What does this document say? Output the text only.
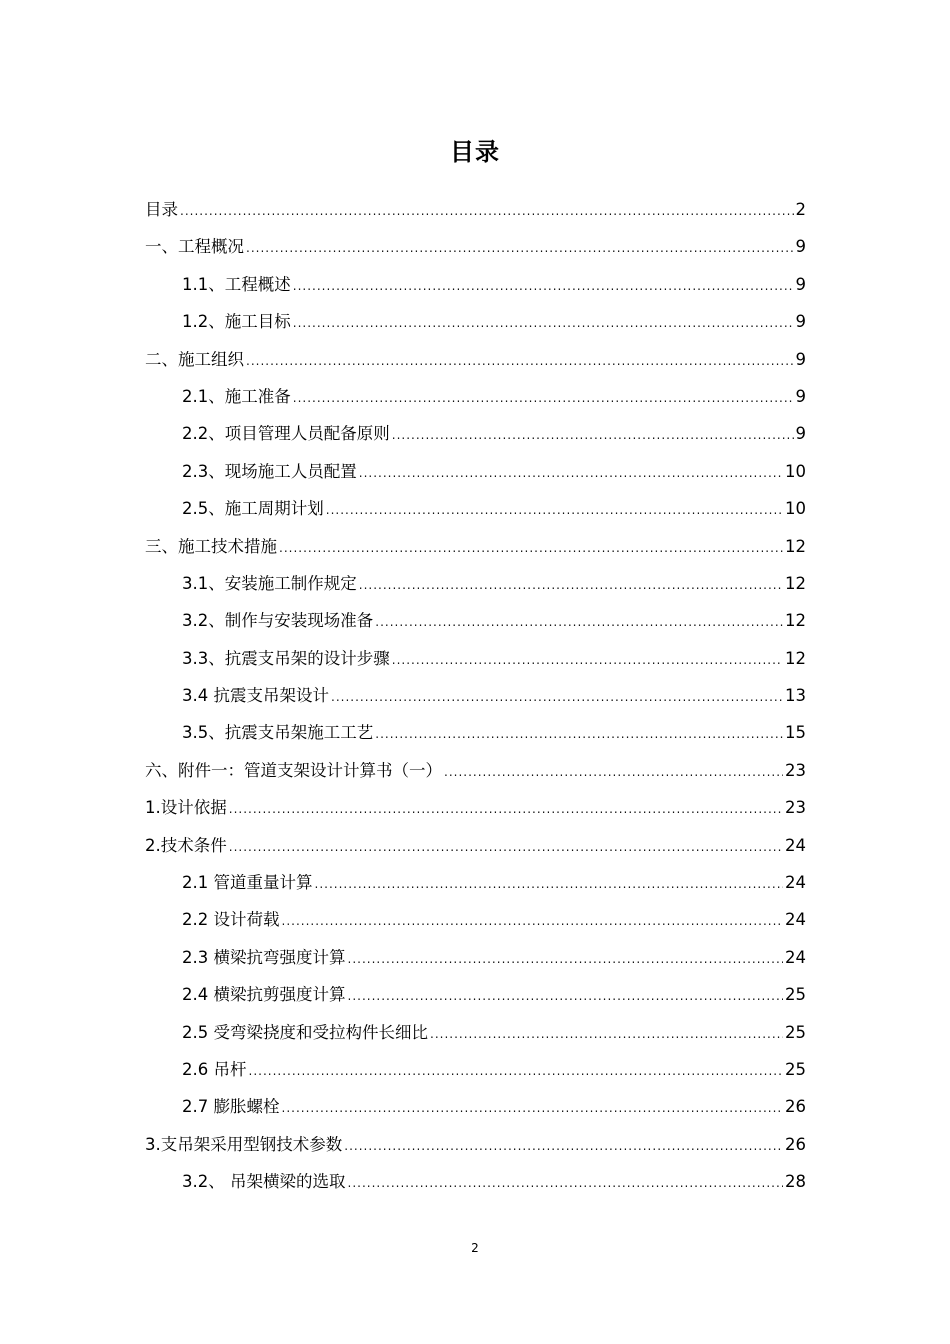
目录
目录 .....	2
一、工程概况 .....	9
1.1、工程概述 .....	9
1.2、施工目标 .....	9
二、施工组织 .....	9
2.1、施工准备 .....	9
2.2、项目管理人员配备原则 .....	9
2.3、现场施工人员配置 .....	10
2.5、施工周期计划 .....	10
三、施工技术措施 .....	12
3.1、安装施工制作规定 .....	12
3.2、制作与安装现场准备 .....	12
3.3、抗震支吊架的设计步骤 .....	12
3.4 抗震支吊架设计 .....	13
3.5、抗震支吊架施工工艺 .....	15
六、附件一：管道支架设计计算书（一） .....	23
1.设计依据 .....	23
2.技术条件 .....	24
2.1 管道重量计算 .....	24
2.2 设计荷载 .....	24
2.3 横梁抗弯强度计算 .....	24
2.4 横梁抗剪强度计算 .....	25
2.5 受弯梁挠度和受拉构件长细比 .....	25
2.6 吊杆 .....	25
2.7 膨胀螺栓 .....	26
3.支吊架采用型钢技术参数 .....	26
3.2、 吊架横梁的选取 .....	28
2
